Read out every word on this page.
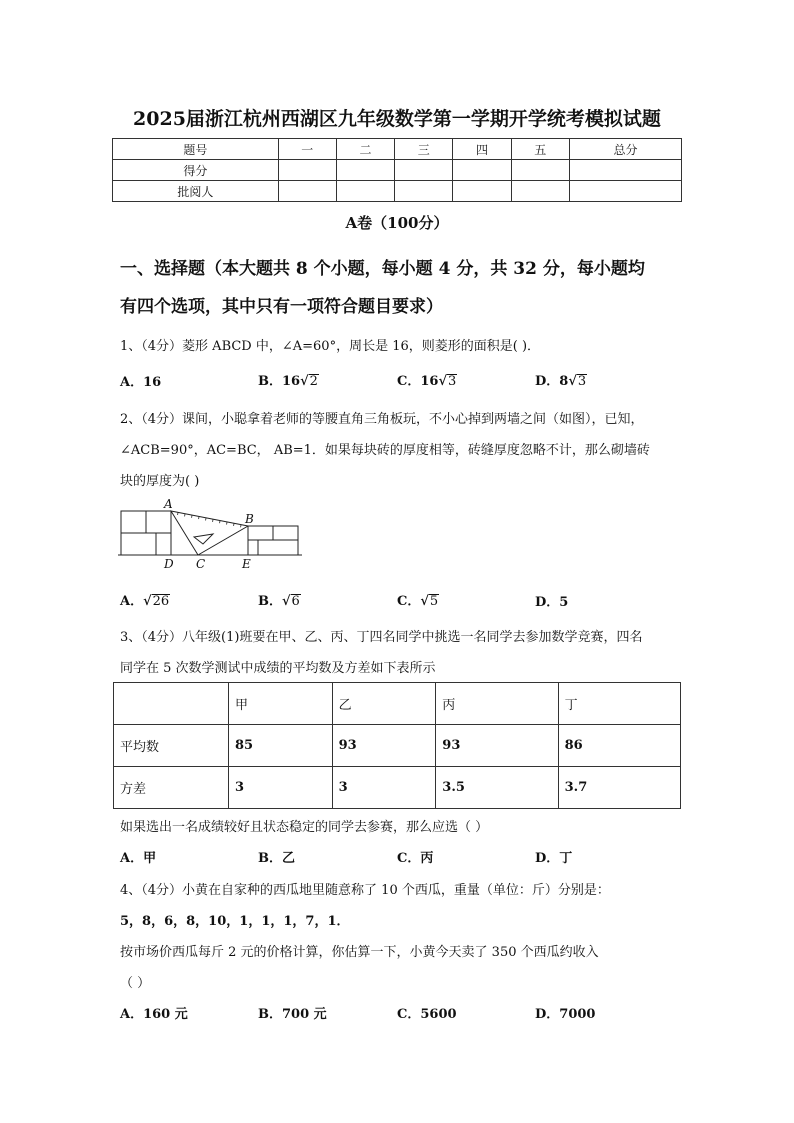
2025届浙江杭州西湖区九年级数学第一学期开学统考模拟试题
题号	一	二	三	四	五	总分
得分						
批阅人						
A卷（100分）
一、选择题（本大题共 8 个小题，每小题 4 分，共 32 分，每小题均
有四个选项，其中只有一项符合题目要求）
1、（4分）菱形 ABCD 中，∠A=60°，周长是 16，则菱形的面积是( )．
A．16	B．16√2	C．16√3	D．8√3
2、（4分）课间，小聪拿着老师的等腰直角三角板玩，不小心掉到两墙之间（如图），已知，
∠ACB=90°，AC=BC， AB=1．如果每块砖的厚度相等，砖缝厚度忽略不计，那么砌墙砖
块的厚度为( )
A
B
C
D	E
A．√26	B．√6	C．√5	D．5
3、（4分）八年级(1)班要在甲、乙、丙、丁四名同学中挑选一名同学去参加数学竞赛，四名
同学在 5 次数学测试中成绩的平均数及方差如下表所示
	甲	乙	丙	丁
平均数	85	93	93	86
方差	3	3	3.5	3.7
如果选出一名成绩较好且状态稳定的同学去参赛，那么应选（ ）
A．甲	B．乙	C．丙	D．丁
4、（4分）小黄在自家种的西瓜地里随意称了 10 个西瓜，重量（单位：斤）分别是：
5，8，6，8，10，1，1，1，7，1．
按市场价西瓜每斤 2 元的价格计算，你估算一下，小黄今天卖了 350 个西瓜约收入
（ ）
A．160 元	B．700 元	C．5600	D．7000
